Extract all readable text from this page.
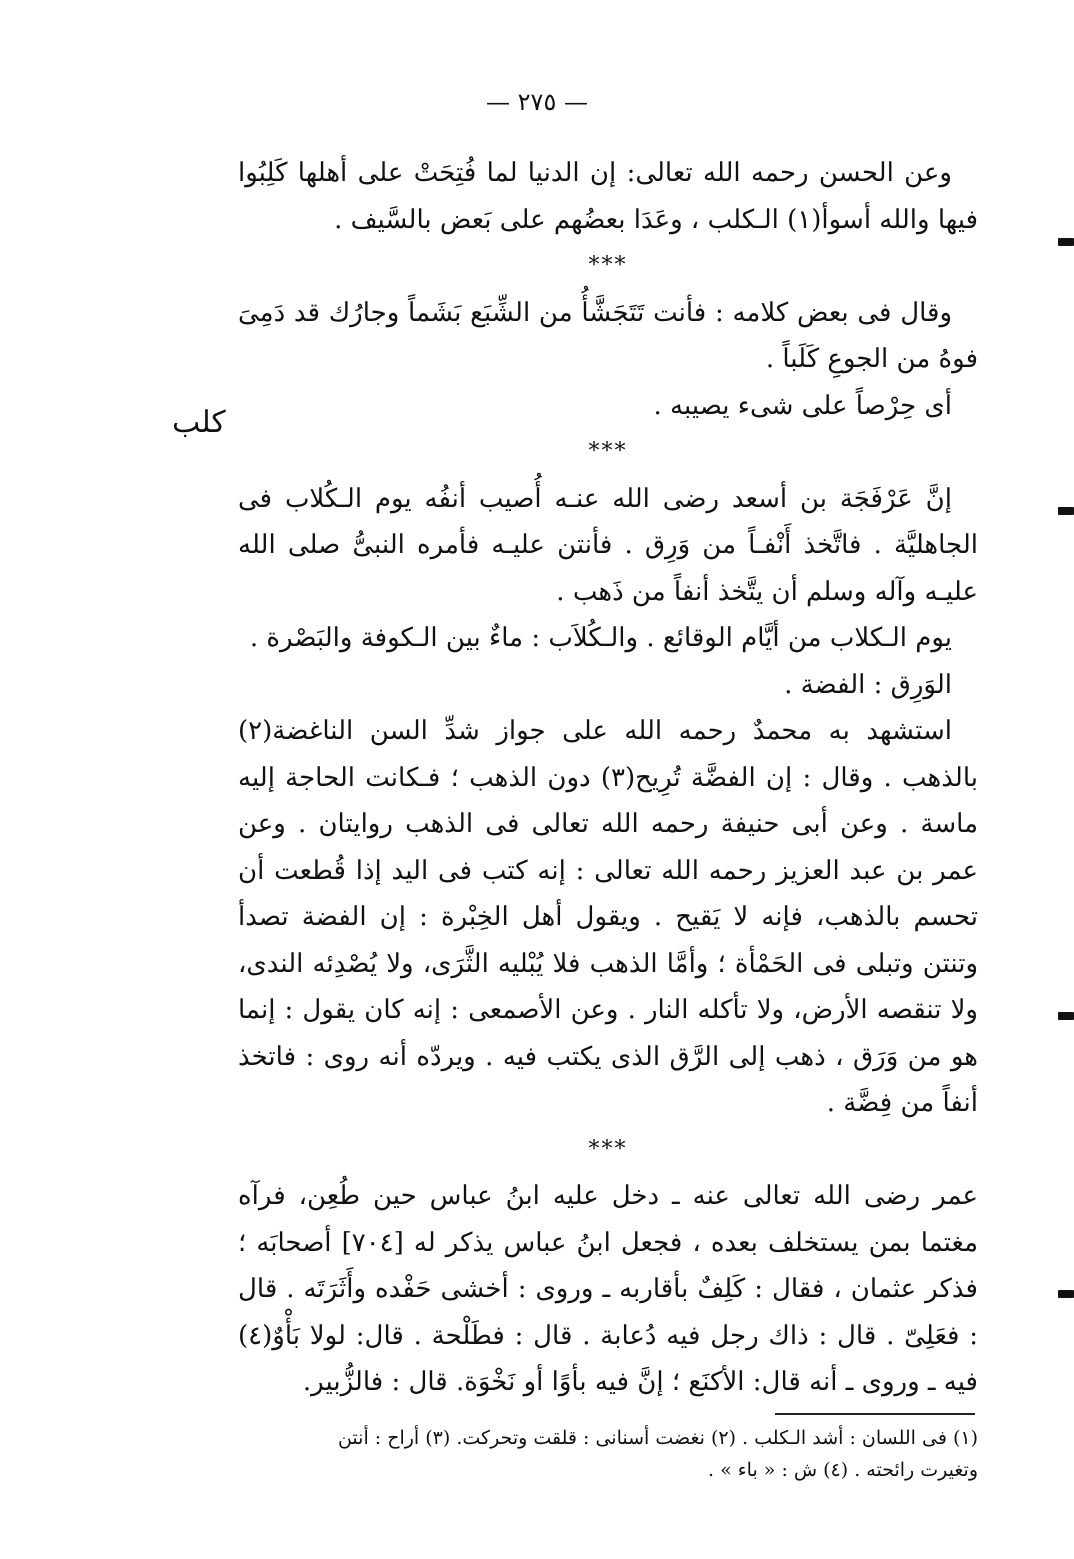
— ٢٧٥ —
كلب

وعن الحسن رحمه الله تعالى: إن الدنيا لما فُتِحَتْ على أهلها كَلِبُوا فيها والله أسوأ(١) الـكلب ، وعَدَا بعضُهم على بَعض بالسَّيف .

***

وقال فى بعض كلامه : فأنت تَتَجَشَّأُ من الشِّبَع بَشَماً وجارُك قد دَمِىَ فوهُ من الجوعِ كَلَباً .

أى حِرْصاً على شىء يصيبه .

***

إنَّ عَرْفَجَة بن أسعد رضى الله عنـه أُصيب أنفُه يوم الـكُلاب فى الجاهليَّة . فاتَّخذ أَنْفـاً من وَرِق . فأنتن عليـه فأمره النبىُّ صلى الله عليـه وآله وسلم أن يتَّخذ أنفاً من ذَهب .

يوم الـكلاب من أيَّام الوقائع . والـكُلاَب : ماءٌ بين الـكوفة والبَصْرة .

الوَرِق : الفضة .

استشهد به محمدٌ رحمه الله على جواز شدِّ السن الناغضة(٢) بالذهب . وقال : إن الفضَّة تُرِيح(٣) دون الذهب ؛ فـكانت الحاجة إليه ماسة . وعن أبى حنيفة رحمه الله تعالى فى الذهب روايتان . وعن عمر بن عبد العزيز رحمه الله تعالى : إنه كتب فى اليد إذا قُطعت أن تحسم بالذهب، فإنه لا يَقيح . ويقول أهل الخِبْرة : إن الفضة تصدأ وتنتن وتبلى فى الحَمْأة ؛ وأمَّا الذهب فلا يُبْليه الثَّرَى، ولا يُصْدِئه الندى، ولا تنقصه الأرض، ولا تأكله النار . وعن الأصمعى : إنه كان يقول : إنما هو من وَرَق ، ذهب إلى الرَّق الذى يكتب فيه . ويردّه أنه روى : فاتخذ أنفاً من فِضَّة .

***

عمر رضى الله تعالى عنه ـ دخل عليه ابنُ عباس حين طُعِن، فرآه مغتما بمن يستخلف بعده ، فجعل ابنُ عباس يذكر له [٧٠٤] أصحابَه ؛ فذكر عثمان ، فقال : كَلِفٌ بأقاربه ـ وروى : أخشى حَفْده وأَثَرَتَه . قال : فعَلِىّ . قال : ذاك رجل فيه دُعابة . قال : فطَلْحة . قال: لولا بَأْوٌ(٤) فيه ـ وروى ـ أنه قال: الأكنَع ؛ إنَّ فيه بأوًا أو نَخْوَة. قال : فالزُّبير.

(١) فى اللسان : أشد الـكلب . (٢) نغضت أسنانى : قلقت وتحركت. (٣) أراح : أنتن

وتغيرت رائحته . (٤) ش : « باء » .
